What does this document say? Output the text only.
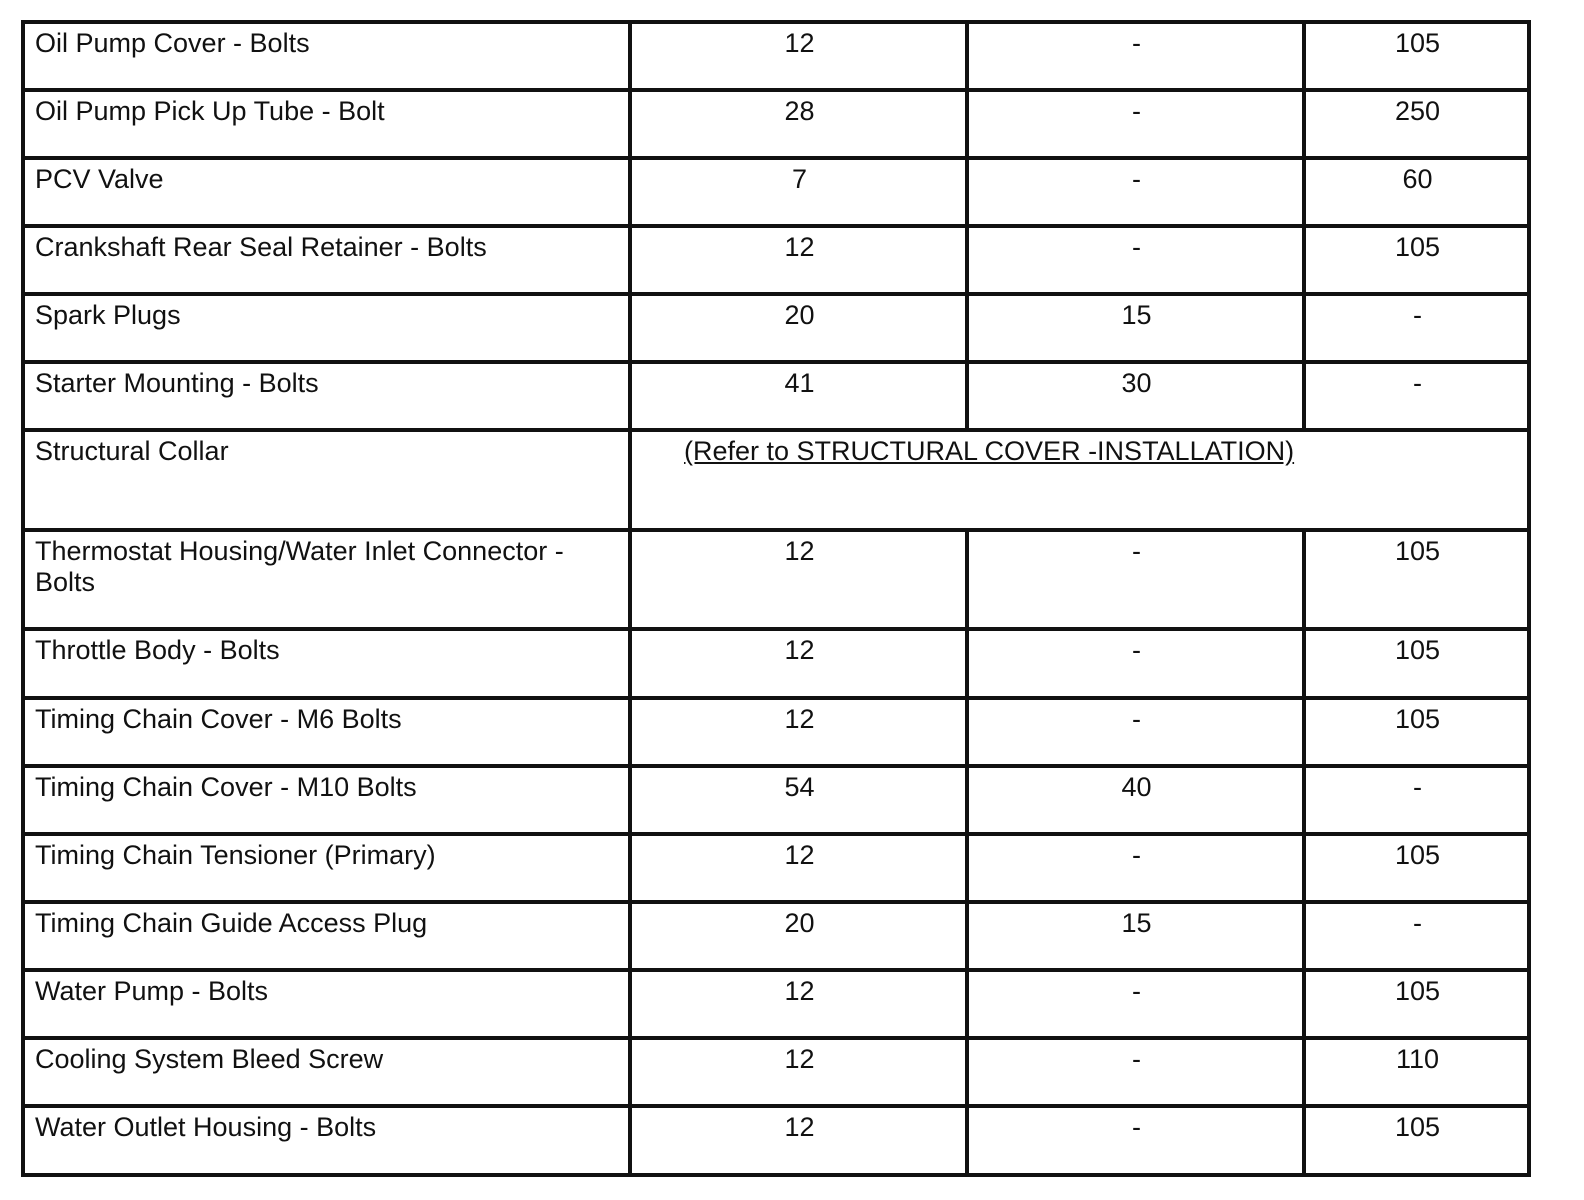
Oil Pump Cover - Bolts	12	-	105
Oil Pump Pick Up Tube - Bolt	28	-	250
PCV Valve	7	-	60
Crankshaft Rear Seal Retainer - Bolts	12	-	105
Spark Plugs	20	15	-
Starter Mounting - Bolts	41	30	-
Structural Collar	(Refer to STRUCTURAL COVER -INSTALLATION)		
Thermostat Housing/Water Inlet Connector - Bolts	12	-	105
Throttle Body - Bolts	12	-	105
Timing Chain Cover - M6 Bolts	12	-	105
Timing Chain Cover - M10 Bolts	54	40	-
Timing Chain Tensioner (Primary)	12	-	105
Timing Chain Guide Access Plug	20	15	-
Water Pump - Bolts	12	-	105
Cooling System Bleed Screw	12	-	110
Water Outlet Housing - Bolts	12	-	105
